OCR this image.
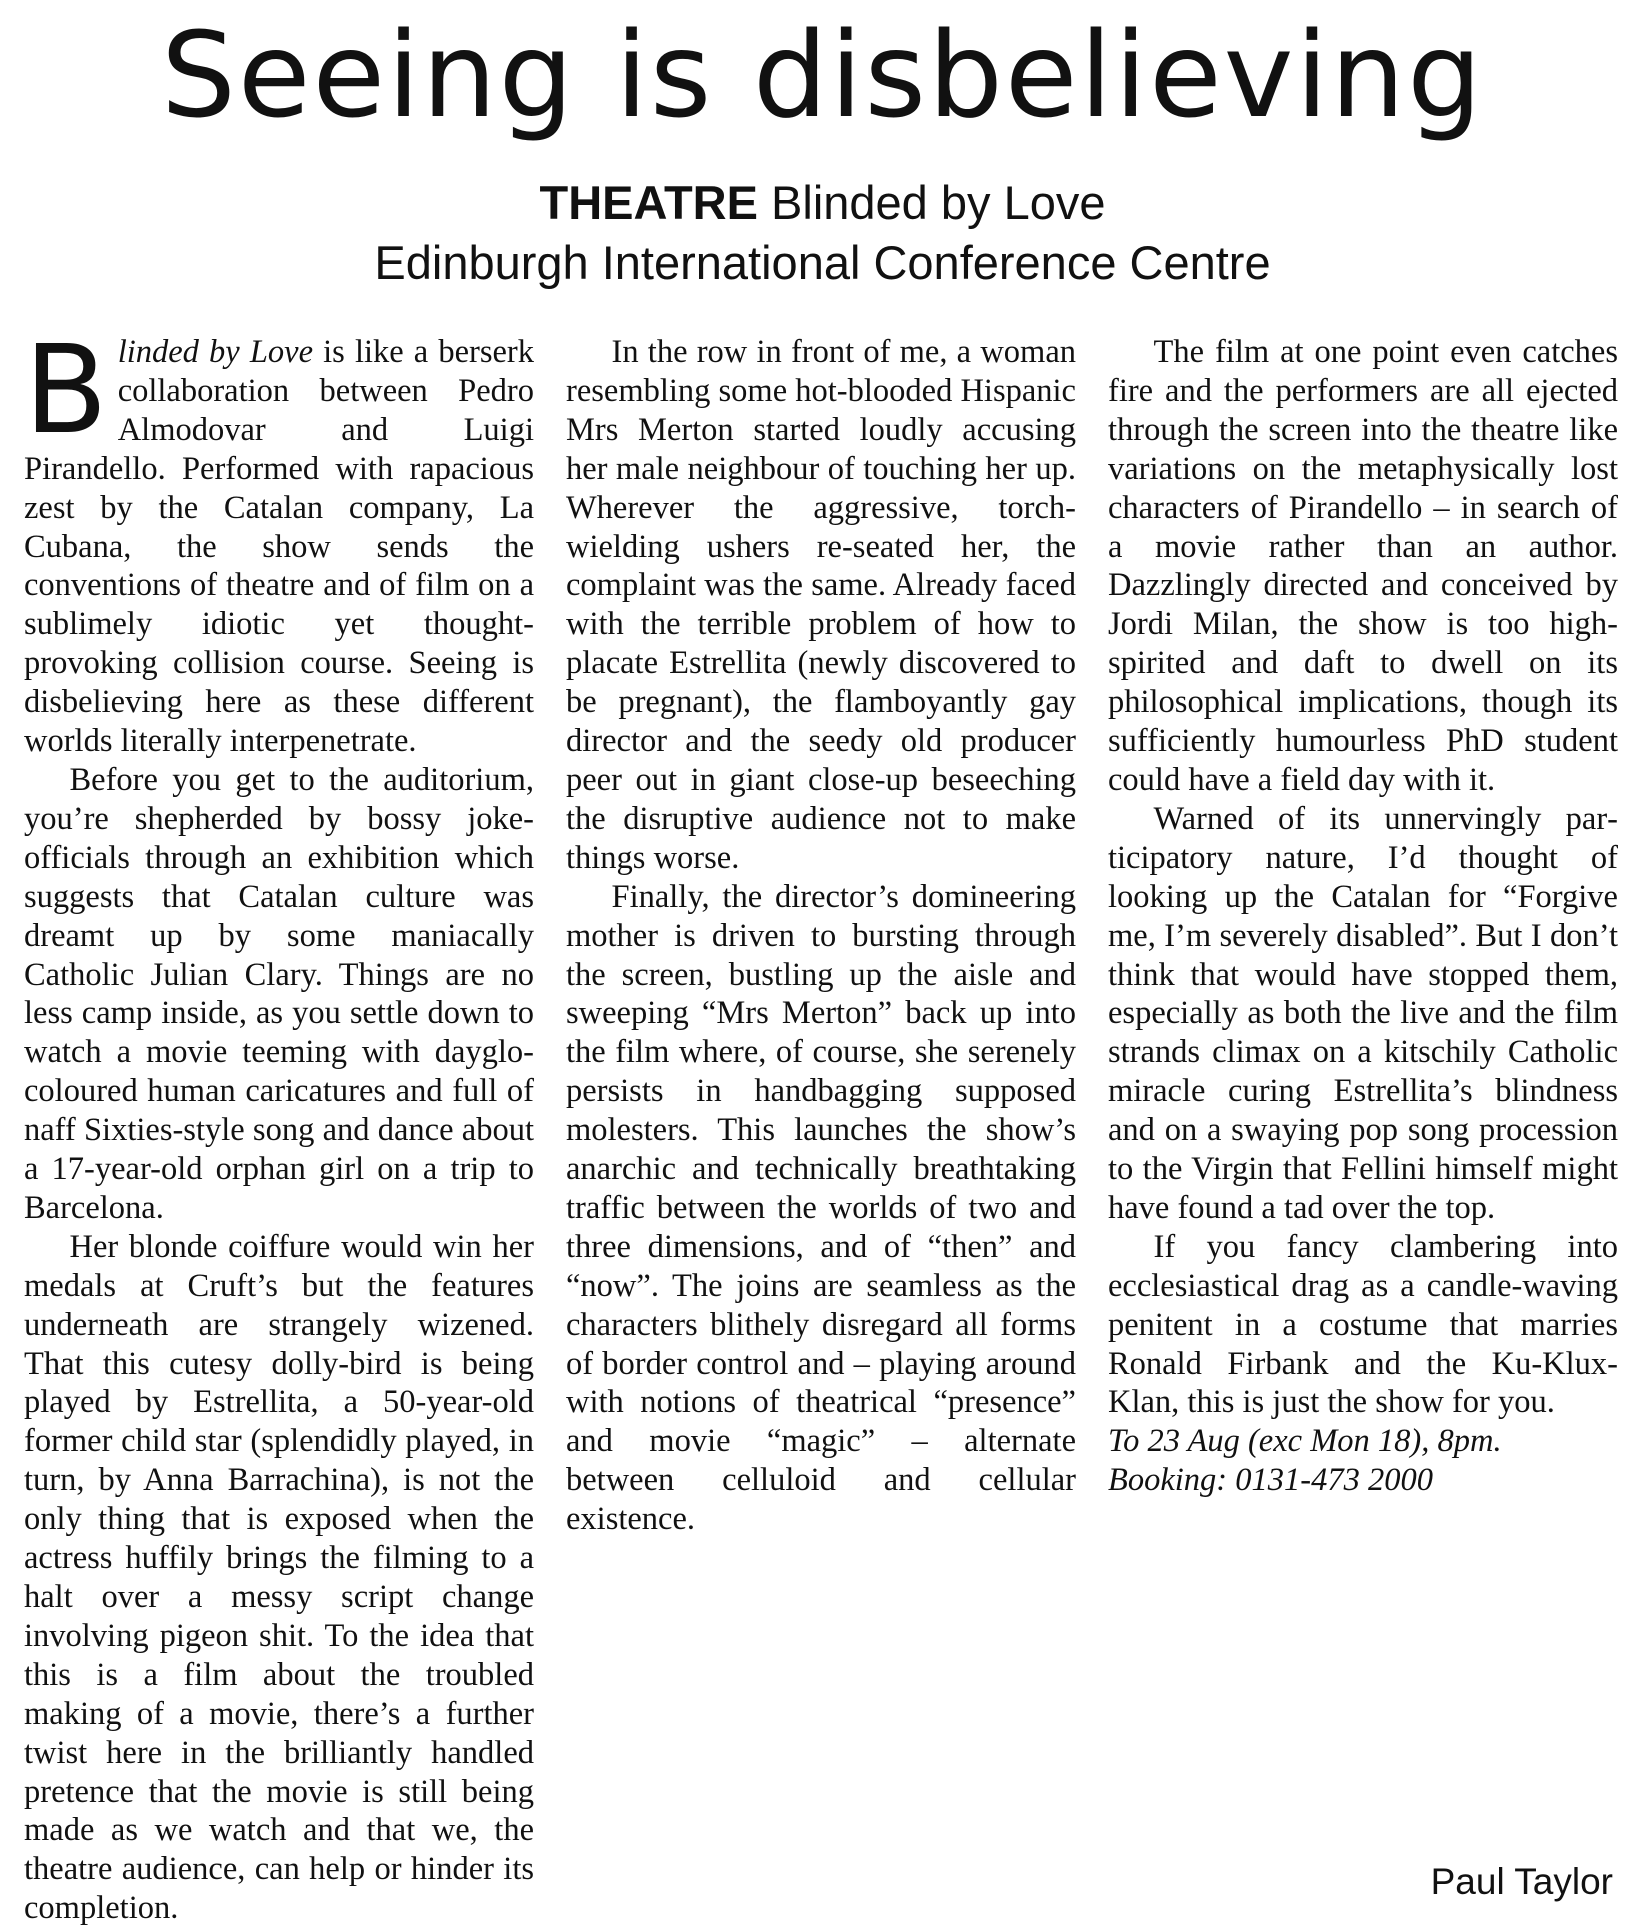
Seeing is disbelieving
THEATRE Blinded by Love
Edinburgh International Conference Centre

Blinded by Love is like a berserk collaboration between Pedro Almodovar and Luigi Pirandello. Performed with rapacious zest by the Catalan company, La Cubana, the show sends the conventions of theatre and of film on a sublimely idiotic yet thought-provoking collision course. Seeing is disbelieving here as these different worlds literally interpenetrate.

Before you get to the auditorium, you’re shepherded by bossy joke-officials through an exhibition which suggests that Catalan culture was dreamt up by some maniacally Catholic Julian Clary. Things are no less camp inside, as you settle down to watch a movie teeming with dayglo-coloured human caricatures and full of naff Sixties-style song and dance about a 17-year-old orphan girl on a trip to Barcelona.

Her blonde coiffure would win her medals at Cruft’s but the features underneath are strangely wizened. That this cutesy dolly-bird is being played by Estrellita, a 50-year-old former child star (splendidly played, in turn, by Anna Barrachina), is not the only thing that is exposed when the actress huffily brings the filming to a halt over a messy script change involving pigeon shit. To the idea that this is a film about the troubled making of a movie, there’s a further twist here in the brilliantly handled pretence that the movie is still being made as we watch and that we, the theatre audience, can help or hinder its completion.

In the row in front of me, a woman resembling some hot-blooded Hispanic Mrs Merton started loudly accusing her male neighbour of touching her up. Wherever the aggressive, torch-wielding ushers re-seated her, the complaint was the same. Already faced with the terrible problem of how to placate Estrellita (newly discovered to be pregnant), the flamboyantly gay director and the seedy old producer peer out in giant close-up beseeching the disruptive audience not to make things worse.

Finally, the director’s domineering mother is driven to bursting through the screen, bustling up the aisle and sweeping “Mrs Merton” back up into the film where, of course, she serenely persists in handbagging supposed molesters. This launches the show’s anarchic and technically breathtaking traffic between the worlds of two and three dimensions, and of “then” and “now”. The joins are seamless as the characters blithely disregard all forms of border control and – playing around with notions of theatrical “presence” and movie “magic” – alternate between celluloid and cellular existence.

The film at one point even catches fire and the performers are all ejected through the screen into the theatre like variations on the metaphysically lost characters of Pirandello – in search of a movie rather than an author. Dazzlingly directed and conceived by Jordi Milan, the show is too high-spirited and daft to dwell on its philosophical implications, though its sufficiently humourless PhD student could have a field day with it.

Warned of its unnervingly participatory nature, I’d thought of looking up the Catalan for “Forgive me, I’m severely disabled”. But I don’t think that would have stopped them, especially as both the live and the film strands climax on a kitschily Catholic miracle curing Estrellita’s blindness and on a swaying pop song procession to the Virgin that Fellini himself might have found a tad over the top.

If you fancy clambering into ecclesiastical drag as a candle-waving penitent in a costume that marries Ronald Firbank and the Ku-Klux-Klan, this is just the show for you.

To 23 Aug (exc Mon 18), 8pm.

Booking: 0131-473 2000

Paul Taylor
